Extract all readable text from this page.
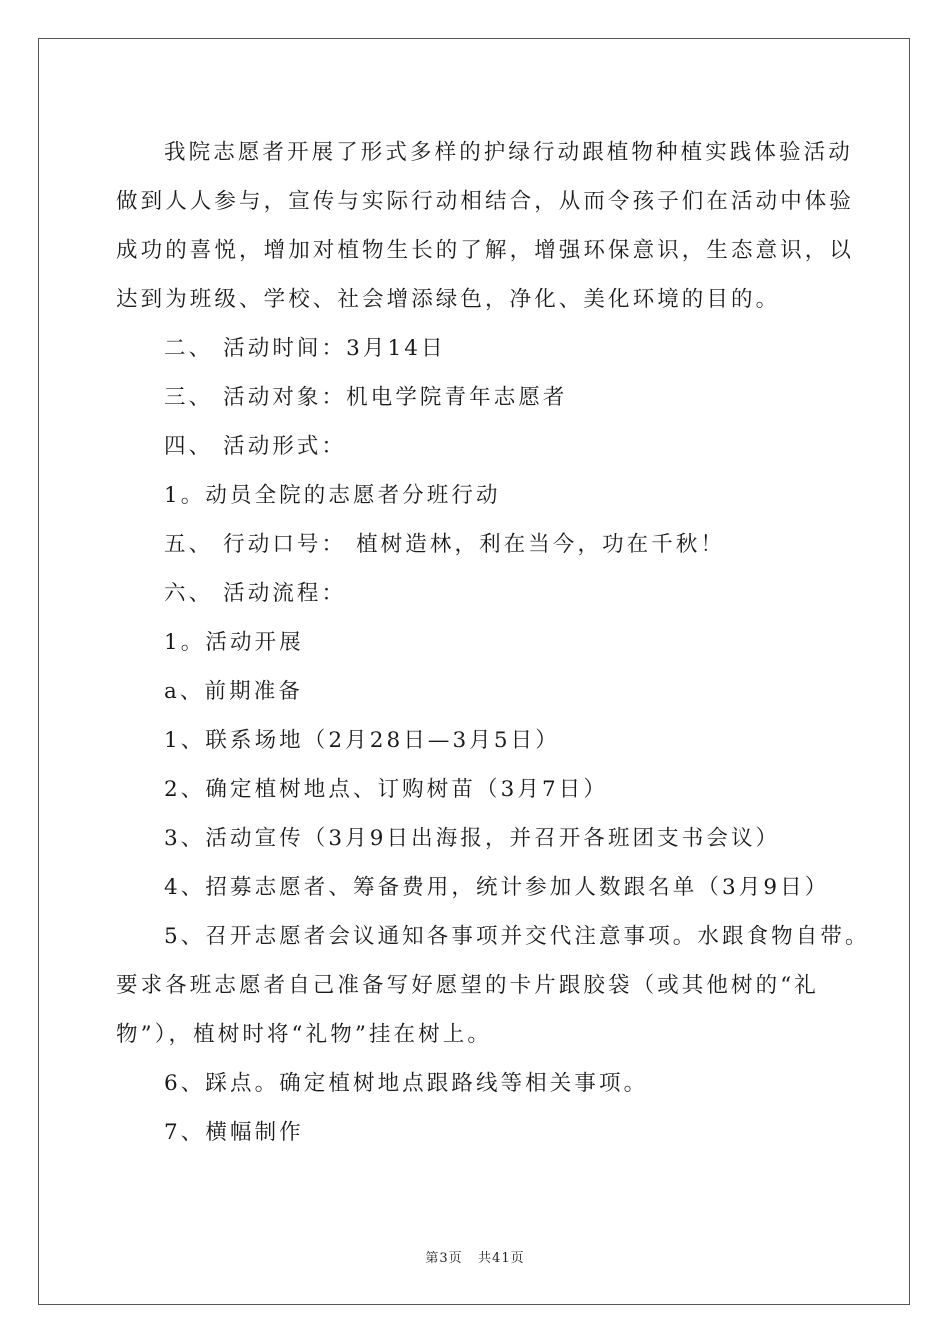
我院志愿者开展了形式多样的护绿行动跟植物种植实践体验活动
做到人人参与，宣传与实际行动相结合，从而令孩子们在活动中体验
成功的喜悦，增加对植物生长的了解，增强环保意识，生态意识，以
达到为班级、学校、社会增添绿色，净化、美化环境的目的。
二、 活动时间：3月14日
三、 活动对象：机电学院青年志愿者
四、 活动形式：
1。动员全院的志愿者分班行动
五、 行动口号： 植树造林，利在当今，功在千秋！
六、 活动流程：
1。活动开展
a、前期准备
1、联系场地（2月28日—3月5日）
2、确定植树地点、订购树苗（3月7日）
3、活动宣传（3月9日出海报，并召开各班团支书会议）
4、招募志愿者、筹备费用，统计参加人数跟名单（3月9日）
5、召开志愿者会议通知各事项并交代注意事项。水跟食物自带。
要求各班志愿者自己准备写好愿望的卡片跟胶袋（或其他树的“礼
物”），植树时将“礼物”挂在树上。
6、踩点。确定植树地点跟路线等相关事项。
7、横幅制作
第3页   共41页
